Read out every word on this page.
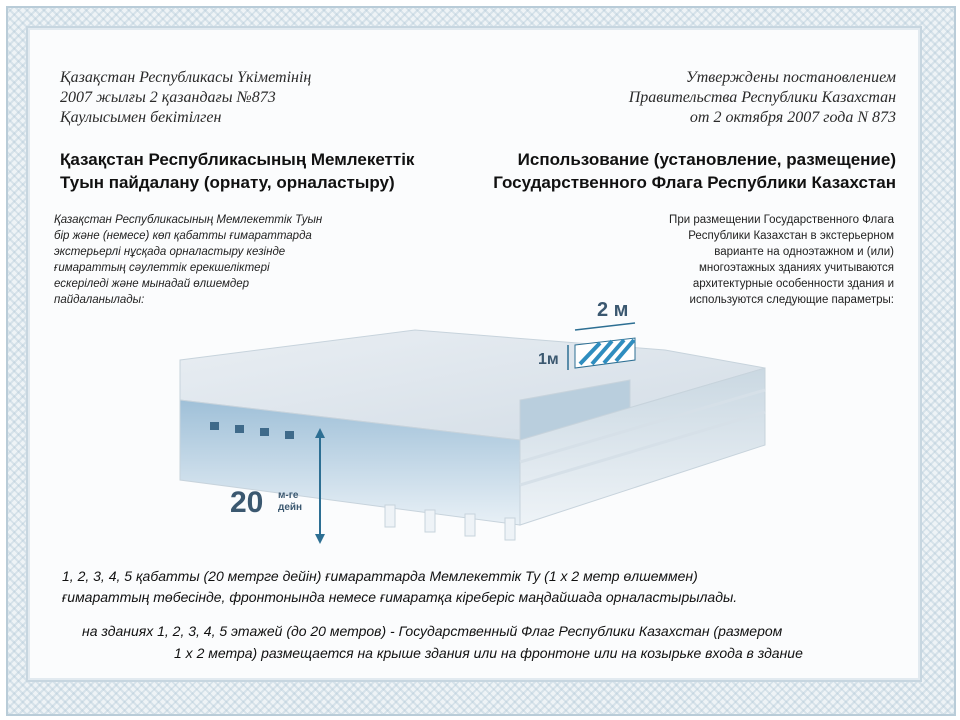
Қазақстан Республикасы Үкіметінің
2007 жылғы 2 қазандағы №873
Қаулысымен бекітілген
Утверждены постановлением
Правительства Республики Казахстан
от 2 октября 2007 года N 873
Қазақстан Республикасының Мемлекеттік
Туын пайдалану (орнату, орналастыру)
Использование (установление, размещение)
Государственного Флага Республики Казахстан
Қазақстан Республикасының Мемлекеттік Туын
бір және (немесе) көп қабатты ғимараттарда
экстерьерлі нұсқада орналастыру кезінде
ғимараттың сәулеттік ерекшеліктері
ескеріледі және мынадай өлшемдер
пайдаланылады:
При размещении Государственного Флага
Республики Казахстан в экстерьерном
варианте на одноэтажном и (или)
многоэтажных зданиях учитываются
архитектурные особенности здания и
используются следующие параметры:
2 м
1м
20 м-ге
дейн
1, 2, 3, 4, 5 қабатты (20 метрге дейін) ғимараттарда Мемлекеттік Ту (1 х 2 метр өлшеммен)
ғимараттың төбесінде, фронтонында немесе ғимаратқа кіреберіс маңдайшада орналастырылады.
на зданиях 1, 2, 3, 4, 5 этажей (до 20 метров) - Государственный Флаг Республики Казахстан (размером
1 х 2 метра) размещается на крыше здания или на фронтоне или на козырьке входа в здание
